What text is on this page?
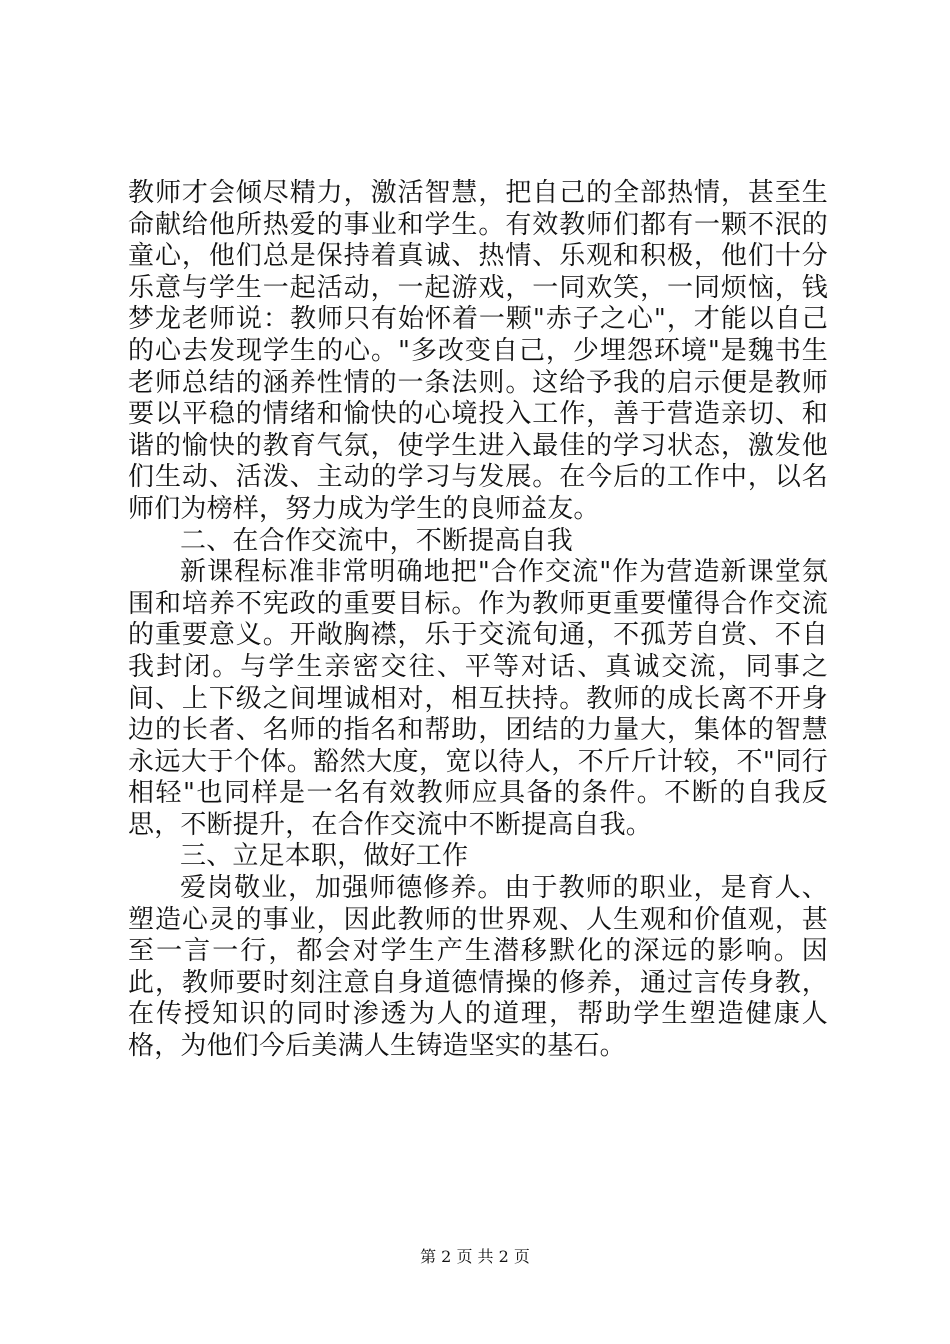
教师才会倾尽精力，激活智慧，把自己的全部热情，甚至生命献给他所热爱的事业和学生。有效教师们都有一颗不泯的童心，他们总是保持着真诚、热情、乐观和积极，他们十分乐意与学生一起活动，一起游戏，一同欢笑，一同烦恼，钱梦龙老师说：教师只有始怀着一颗"赤子之心"，才能以自己的心去发现学生的心。"多改变自己，少埋怨环境"是魏书生老师总结的涵养性情的一条法则。这给予我的启示便是教师要以平稳的情绪和愉快的心境投入工作，善于营造亲切、和谐的愉快的教育气氛，使学生进入最佳的学习状态，激发他们生动、活泼、主动的学习与发展。在今后的工作中，以名师们为榜样，努力成为学生的良师益友。

二、在合作交流中，不断提高自我

新课程标准非常明确地把"合作交流"作为营造新课堂氛围和培养不宪政的重要目标。作为教师更重要懂得合作交流的重要意义。开敞胸襟，乐于交流旬通，不孤芳自赏、不自我封闭。与学生亲密交往、平等对话、真诚交流，同事之间、上下级之间埋诚相对，相互扶持。教师的成长离不开身边的长者、名师的指名和帮助，团结的力量大，集体的智慧永远大于个体。豁然大度，宽以待人，不斤斤计较，不"同行相轻"也同样是一名有效教师应具备的条件。不断的自我反思，不断提升，在合作交流中不断提高自我。

三、立足本职，做好工作

爱岗敬业，加强师德修养。由于教师的职业，是育人、塑造心灵的事业，因此教师的世界观、人生观和价值观，甚至一言一行，都会对学生产生潜移默化的深远的影响。因此，教师要时刻注意自身道德情操的修养，通过言传身教，在传授知识的同时渗透为人的道理，帮助学生塑造健康人格，为他们今后美满人生铸造坚实的基石。

第 2 页 共 2 页
